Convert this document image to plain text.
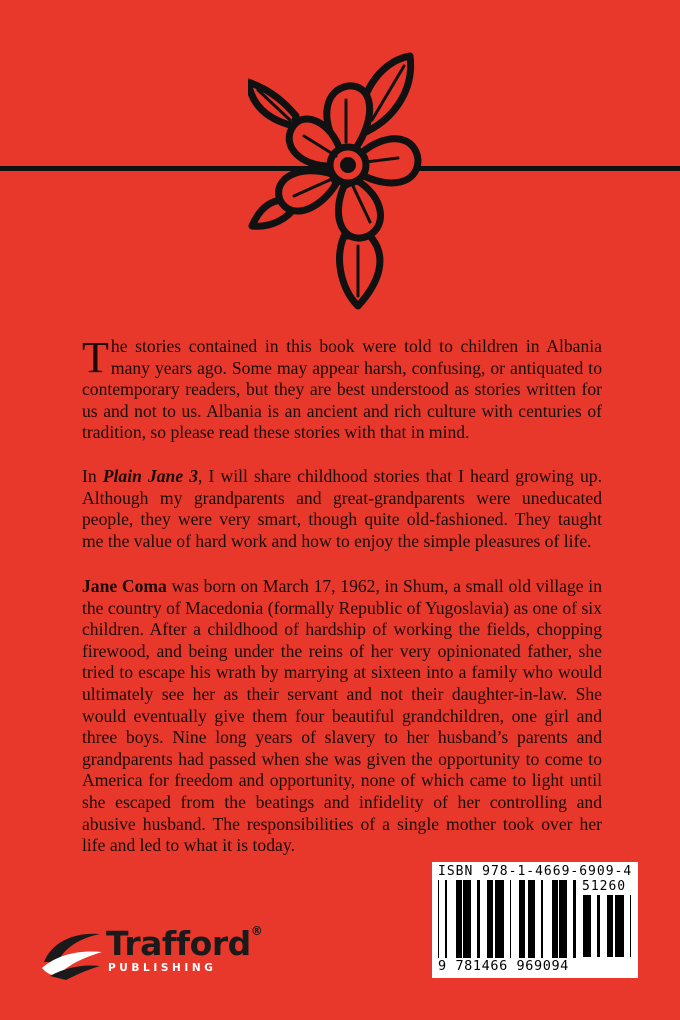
The stories contained in this book were told to children in Albania many years ago. Some may appear harsh, confusing, or antiquated to contemporary readers, but they are best understood as stories written for us and not to us. Albania is an ancient and rich culture with centuries of tradition, so please read these stories with that in mind.

In Plain Jane 3, I will share childhood stories that I heard growing up. Although my grandparents and great-grandparents were uneducated people, they were very smart, though quite old-fashioned. They taught me the value of hard work and how to enjoy the simple pleasures of life.

Jane Coma was born on March 17, 1962, in Shum, a small old village in the country of Macedonia (formally Republic of Yugoslavia) as one of six children. After a childhood of hardship of working the fields, chopping firewood, and being under the reins of her very opinionated father, she tried to escape his wrath by marrying at sixteen into a family who would ultimately see her as their servant and not their daughter-in-law. She would eventually give them four beautiful grandchildren, one girl and three boys. Nine long years of slavery to her husband’s parents and grandparents had passed when she was given the opportunity to come to America for freedom and opportunity, none of which came to light until she escaped from the beatings and infidelity of her controlling and abusive husband. The responsibilities of a single mother took over her life and led to what it is today.

ISBN 978-1-4669-6909-4
51260
9 781466 969094
Trafford®
PUBLISHING
